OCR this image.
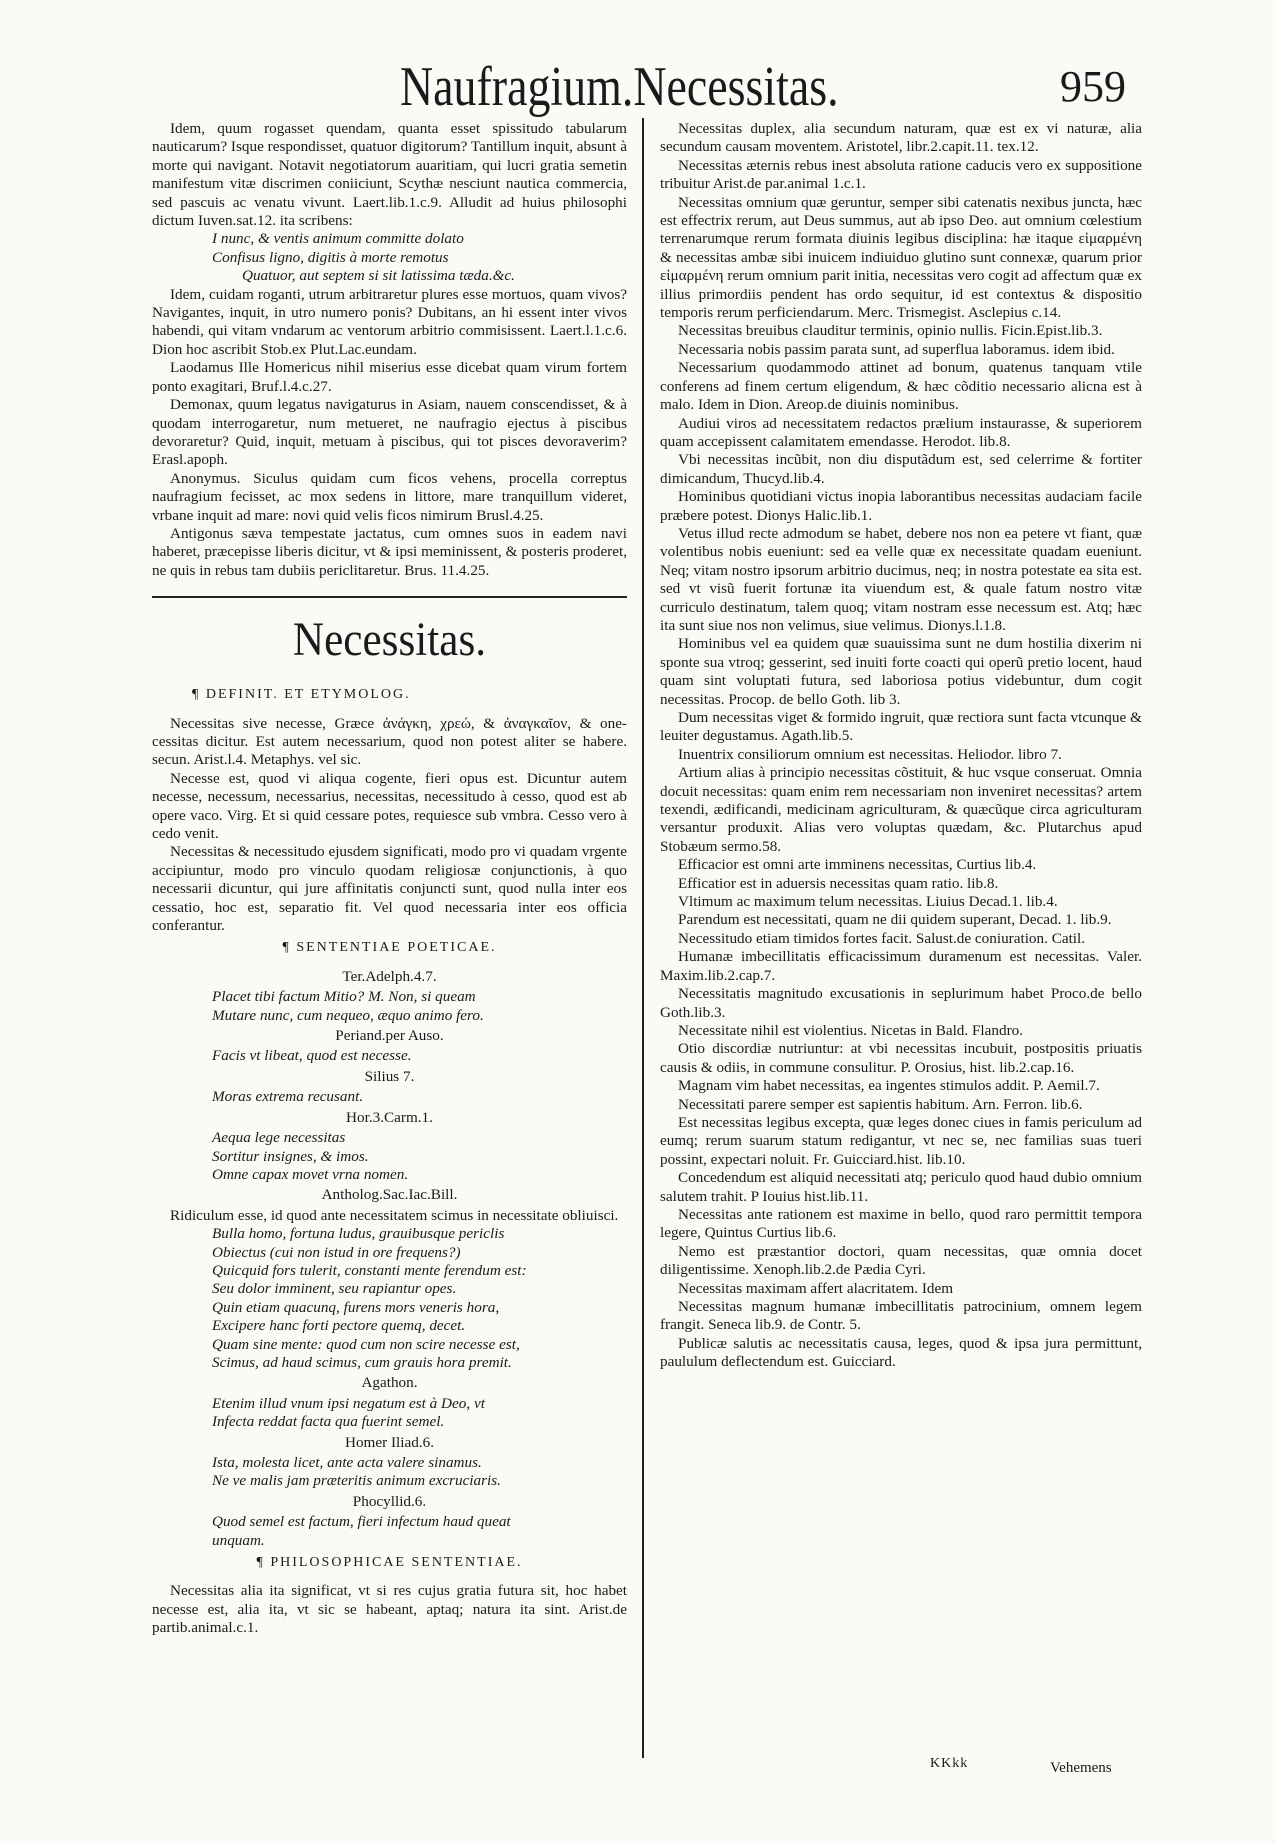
Naufragium.Necessitas.	959

Idem, quum rogasset quendam, quanta esset spissitudo tabularum nauticarum? Isque respondisset, quatuor digitorum? Tantillum inquit, absunt à morte qui navigant. Notavit negotiatorum auaritiam, qui lucri gratia semetin manifestum vitæ discrimen coniiciunt, Scythæ nesciunt nautica commercia, sed pascuis ac venatu vivunt. Laert.lib.1.c.9. Alludit ad huius philosophi dictum Iuven.sat.12. ita scribens:

I nunc, & ventis animum committe dolato
Confisus ligno, digitis à morte remotus
Quatuor, aut septem si sit latissima tæda.&c.

Idem, cuidam roganti, utrum arbitraretur plures esse mortuos, quam vivos? Navigantes, inquit, in utro numero ponis? Dubitans, an hi essent inter vivos habendi, qui vitam vndarum ac ventorum arbitrio commisissent. Laert.l.1.c.6. Dion hoc ascribit Stob.ex Plut.Lac.eundam.

Laodamus Ille Homericus nihil miserius esse dicebat quam virum fortem ponto exagitari, Bruf.l.4.c.27.

Demonax, quum legatus navigaturus in Asiam, nauem conscendisset, & à quodam interrogaretur, num metueret, ne naufragio ejectus à piscibus devoraretur? Quid, inquit, metuam à piscibus, qui tot pisces devoraverim? Erasl.apoph.

Anonymus. Siculus quidam cum ficos vehens, procella correptus naufragium fecisset, ac mox sedens in littore, mare tranquillum videret, vrbane inquit ad mare: novi quid velis ficos nimirum Brusl.4.25.

Antigonus sæva tempestate jactatus, cum omnes suos in eadem navi haberet, præcepisse liberis dicitur, vt & ipsi meminissent, & posteris proderet, ne quis in rebus tam dubiis periclitaretur. Brus. 11.4.25.

Necessitas.
¶ DEFINIT. ET ETYMOLOG.

Necessitas sive necesse, Græce ἀνάγκη, χρεώ, & ἀναγκαῖον, & one-cessitas dicitur. Est autem necessarium, quod non potest aliter se habere. secun. Arist.l.4. Metaphys. vel sic.

Necesse est, quod vi aliqua cogente, fieri opus est. Dicuntur autem necesse, necessum, necessarius, necessitas, necessitudo à cesso, quod est ab opere vaco. Virg. Et si quid cessare potes, requiesce sub vmbra. Cesso vero à cedo venit.

Necessitas & necessitudo ejusdem significati, modo pro vi quadam vrgente accipiuntur, modo pro vinculo quodam religiosæ conjunctionis, à quo necessarii dicuntur, qui jure affinitatis conjuncti sunt, quod nulla inter eos cessatio, hoc est, separatio fit. Vel quod necessaria inter eos officia conferantur.

¶ SENTENTIAE POETICAE.
Ter.Adelph.4.7.
Placet tibi factum Mitio? M. Non, si queam
Mutare nunc, cum nequeo, æquo animo fero.
Periand.per Auso.
Facis vt libeat, quod est necesse.
Silius 7.
Moras extrema recusant.
Hor.3.Carm.1.
Aequa lege necessitas
Sortitur insignes, & imos.
Omne capax movet vrna nomen.
Antholog.Sac.Iac.Bill.

Ridiculum esse, id quod ante necessitatem scimus in necessitate obliuisci.

Bulla homo, fortuna ludus, grauibusque periclis
Obiectus (cui non istud in ore frequens?)
Quicquid fors tulerit, constanti mente ferendum est:
Seu dolor imminent, seu rapiantur opes.
Quin etiam quacunq, furens mors veneris hora,
Excipere hanc forti pectore quemq, decet.
Quam sine mente: quod cum non scire necesse est,
Scimus, ad haud scimus, cum grauis hora premit.
Agathon.
Etenim illud vnum ipsi negatum est à Deo, vt
Infecta reddat facta qua fuerint semel.
Homer Iliad.6.
Ista, molesta licet, ante acta valere sinamus.
Ne ve malis jam præteritis animum excruciaris.
Phocyllid.6.
Quod semel est factum, fieri infectum haud queat
unquam.
¶ PHILOSOPHICAE SENTENTIAE.

Necessitas alia ita significat, vt si res cujus gratia futura sit, hoc habet necesse est, alia ita, vt sic se habeant, aptaq; natura ita sint. Arist.de partib.animal.c.1.

Necessitas duplex, alia secundum naturam, quæ est ex vi naturæ, alia secundum causam moventem. Aristotel, libr.2.capit.11. tex.12.

Necessitas æternis rebus inest absoluta ratione caducis vero ex suppositione tribuitur Arist.de par.animal 1.c.1.

Necessitas omnium quæ geruntur, semper sibi catenatis nexibus juncta, hæc est effectrix rerum, aut Deus summus, aut ab ipso Deo. aut omnium cœlestium terrenarumque rerum formata diuinis legibus disciplina: hæ itaque εἱμαρμένη & necessitas ambæ sibi inuicem indiuiduo glutino sunt connexæ, quarum prior εἱμαρμένη rerum omnium parit initia, necessitas vero cogit ad affectum quæ ex illius primordiis pendent has ordo sequitur, id est contextus & dispositio temporis rerum perficiendarum. Merc. Trismegist. Asclepius c.14.

Necessitas breuibus clauditur terminis, opinio nullis. Ficin.Epist.lib.3.

Necessaria nobis passim parata sunt, ad superflua laboramus. idem ibid.

Necessarium quodammodo attinet ad bonum, quatenus tanquam vtile conferens ad finem certum eligendum, & hæc cõditio necessario alicna est à malo. Idem in Dion. Areop.de diuinis nominibus.

Audiui viros ad necessitatem redactos prælium instaurasse, & superiorem quam accepissent calamitatem emendasse. Herodot. lib.8.

Vbi necessitas incũbit, non diu disputãdum est, sed celerrime & fortiter dimicandum, Thucyd.lib.4.

Hominibus quotidiani victus inopia laborantibus necessitas audaciam facile præbere potest. Dionys Halic.lib.1.

Vetus illud recte admodum se habet, debere nos non ea petere vt fiant, quæ volentibus nobis eueniunt: sed ea velle quæ ex necessitate quadam eueniunt. Neq; vitam nostro ipsorum arbitrio ducimus, neq; in nostra potestate ea sita est. sed vt visũ fuerit fortunæ ita viuendum est, & quale fatum nostro vitæ curriculo destinatum, talem quoq; vitam nostram esse necessum est. Atq; hæc ita sunt siue nos non velimus, siue velimus. Dionys.l.1.8.

Hominibus vel ea quidem quæ suauissima sunt ne dum hostilia dixerim ni sponte sua vtroq; gesserint, sed inuiti forte coacti qui operũ pretio locent, haud quam sint voluptati futura, sed laboriosa potius videbuntur, dum cogit necessitas. Procop. de bello Goth. lib 3.

Dum necessitas viget & formido ingruit, quæ rectiora sunt facta vtcunque & leuiter degustamus. Agath.lib.5.

Inuentrix consiliorum omnium est necessitas. Heliodor. libro 7.

Artium alias à principio necessitas cõstituit, & huc vsque conseruat. Omnia docuit necessitas: quam enim rem necessariam non inveniret necessitas? artem texendi, ædificandi, medicinam agriculturam, & quæcũque circa agriculturam versantur produxit. Alias vero voluptas quædam, &c. Plutarchus apud Stobæum sermo.58.

Efficacior est omni arte imminens necessitas, Curtius lib.4.

Efficatior est in aduersis necessitas quam ratio. lib.8.

Vltimum ac maximum telum necessitas. Liuius Decad.1. lib.4.

Parendum est necessitati, quam ne dii quidem superant, Decad. 1. lib.9.

Necessitudo etiam timidos fortes facit. Salust.de coniuration. Catil.

Humanæ imbecillitatis efficacissimum duramenum est necessitas. Valer. Maxim.lib.2.cap.7.

Necessitatis magnitudo excusationis in seplurimum habet Proco.de bello Goth.lib.3.

Necessitate nihil est violentius. Nicetas in Bald. Flandro.

Otio discordiæ nutriuntur: at vbi necessitas incubuit, postpositis priuatis causis & odiis, in commune consulitur. P. Orosius, hist. lib.2.cap.16.

Magnam vim habet necessitas, ea ingentes stimulos addit. P. Aemil.7.

Necessitati parere semper est sapientis habitum. Arn. Ferron. lib.6.

Est necessitas legibus excepta, quæ leges donec ciues in famis periculum ad eumq; rerum suarum statum redigantur, vt nec se, nec familias suas tueri possint, expectari noluit. Fr. Guicciard.hist. lib.10.

Concedendum est aliquid necessitati atq; periculo quod haud dubio omnium salutem trahit. P Iouius hist.lib.11.

Necessitas ante rationem est maxime in bello, quod raro permittit tempora legere, Quintus Curtius lib.6.

Nemo est præstantior doctori, quam necessitas, quæ omnia docet diligentissime. Xenoph.lib.2.de Pædia Cyri.

Necessitas maximam affert alacritatem. Idem

Necessitas magnum humanæ imbecillitatis patrocinium, omnem legem frangit. Seneca lib.9. de Contr. 5.

Publicæ salutis ac necessitatis causa, leges, quod & ipsa jura permittunt, paululum deflectendum est. Guicciard.

KKkk	Vehemens
